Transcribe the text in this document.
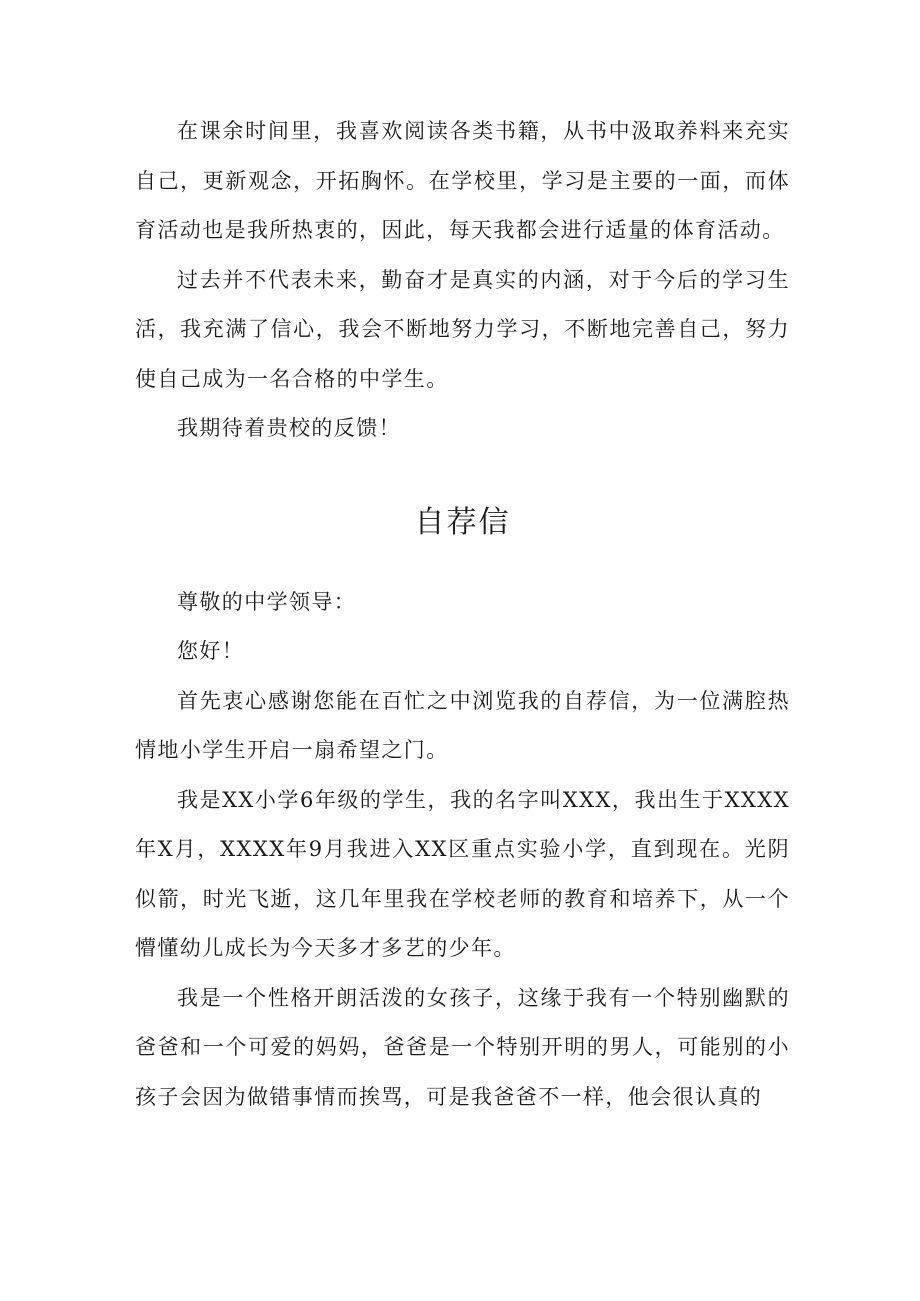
在课余时间里，我喜欢阅读各类书籍，从书中汲取养料来充实自己，更新观念，开拓胸怀。在学校里，学习是主要的一面，而体育活动也是我所热衷的，因此，每天我都会进行适量的体育活动。

过去并不代表未来，勤奋才是真实的内涵，对于今后的学习生活，我充满了信心，我会不断地努力学习，不断地完善自己，努力使自己成为一名合格的中学生。

我期待着贵校的反馈！

自荐信

尊敬的中学领导：

您好！

首先衷心感谢您能在百忙之中浏览我的自荐信，为一位满腔热情地小学生开启一扇希望之门。

我是XX小学6年级的学生，我的名字叫XXX，我出生于XXXX年X月，XXXX年9月我进入XX区重点实验小学，直到现在。光阴似箭，时光飞逝，这几年里我在学校老师的教育和培养下，从一个懵懂幼儿成长为今天多才多艺的少年。

我是一个性格开朗活泼的女孩子，这缘于我有一个特别幽默的爸爸和一个可爱的妈妈，爸爸是一个特别开明的男人，可能别的小孩子会因为做错事情而挨骂，可是我爸爸不一样，他会很认真的
